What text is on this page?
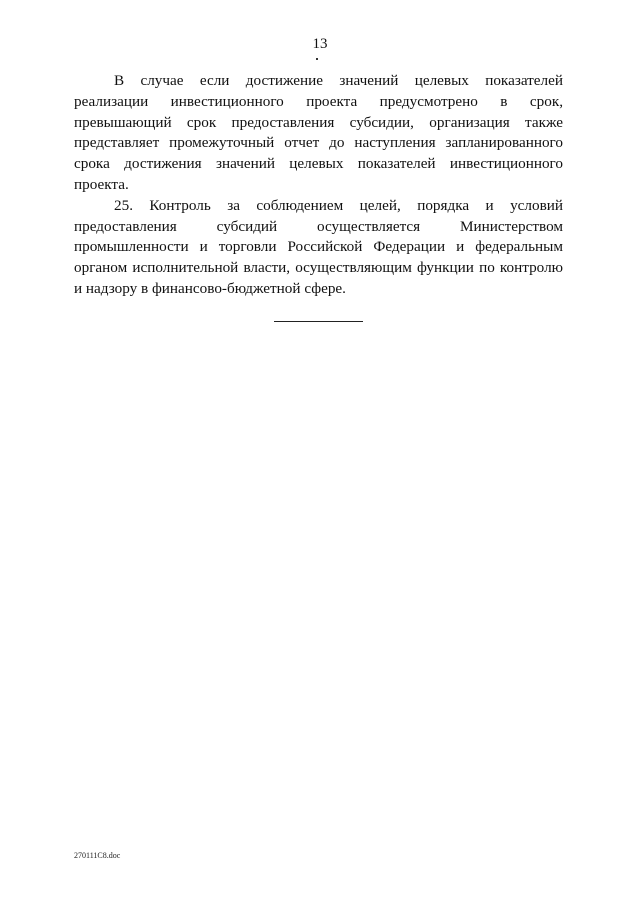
13

В случае если достижение значений целевых показателей реализации инвестиционного проекта предусмотрено в срок, превышающий срок предоставления субсидии, организация также представляет промежуточный отчет до наступления запланированного срока достижения значений целевых показателей инвестиционного проекта.

25. Контроль за соблюдением целей, порядка и условий предоставления субсидий осуществляется Министерством промышленности и торговли Российской Федерации и федеральным органом исполнительной власти, осуществляющим функции по контролю и надзору в финансово-бюджетной сфере.

270111C8.doc
